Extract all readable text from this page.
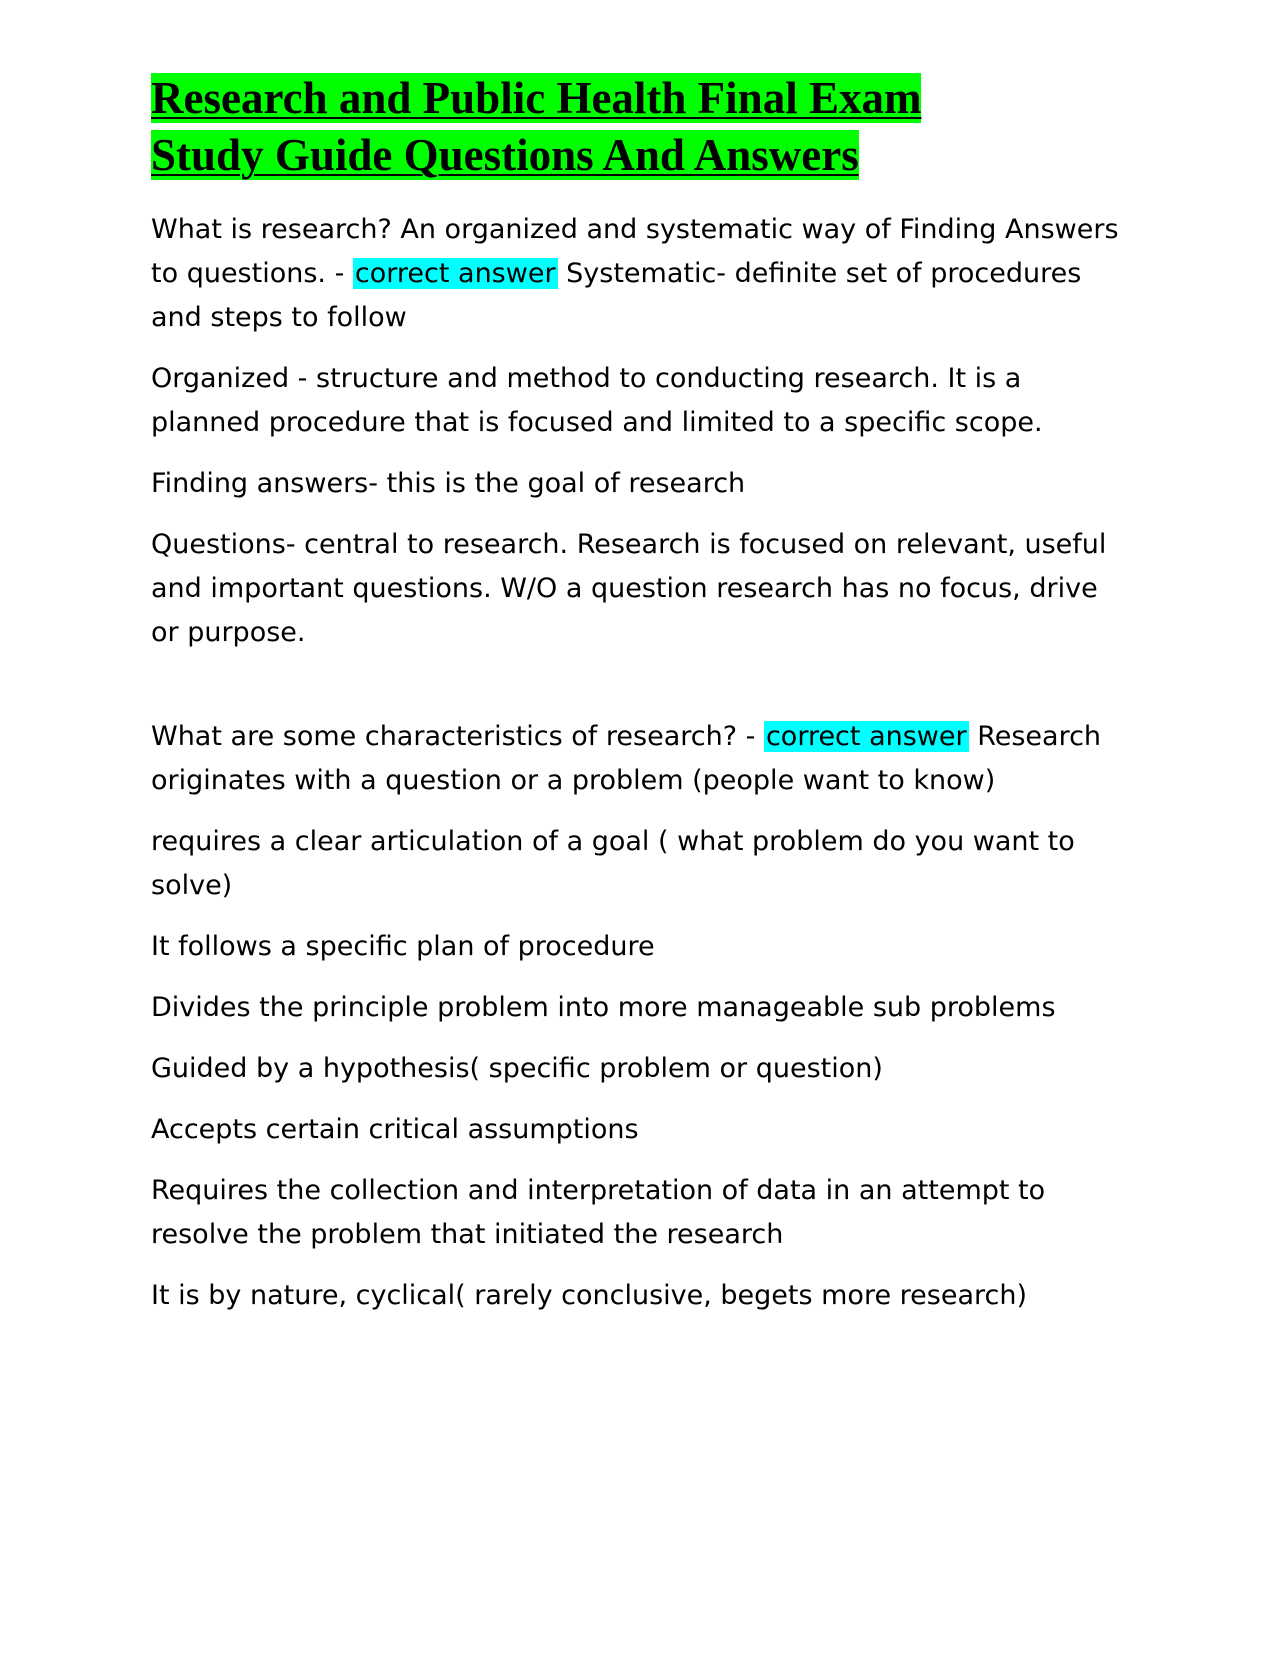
Research and Public Health Final Exam
Study Guide Questions And Answers

What is research? An organized and systematic way of Finding Answers to questions. - correct answer Systematic- definite set of procedures and steps to follow

Organized - structure and method to conducting research. It is a planned procedure that is focused and limited to a specific scope.

Finding answers- this is the goal of research

Questions- central to research. Research is focused on relevant, useful and important questions. W/O a question research has no focus, drive or purpose.

What are some characteristics of research? - correct answer Research originates with a question or a problem (people want to know)

requires a clear articulation of a goal ( what problem do you want to solve)

It follows a specific plan of procedure

Divides the principle problem into more manageable sub problems

Guided by a hypothesis( specific problem or question)

Accepts certain critical assumptions

Requires the collection and interpretation of data in an attempt to resolve the problem that initiated the research

It is by nature, cyclical( rarely conclusive, begets more research)
